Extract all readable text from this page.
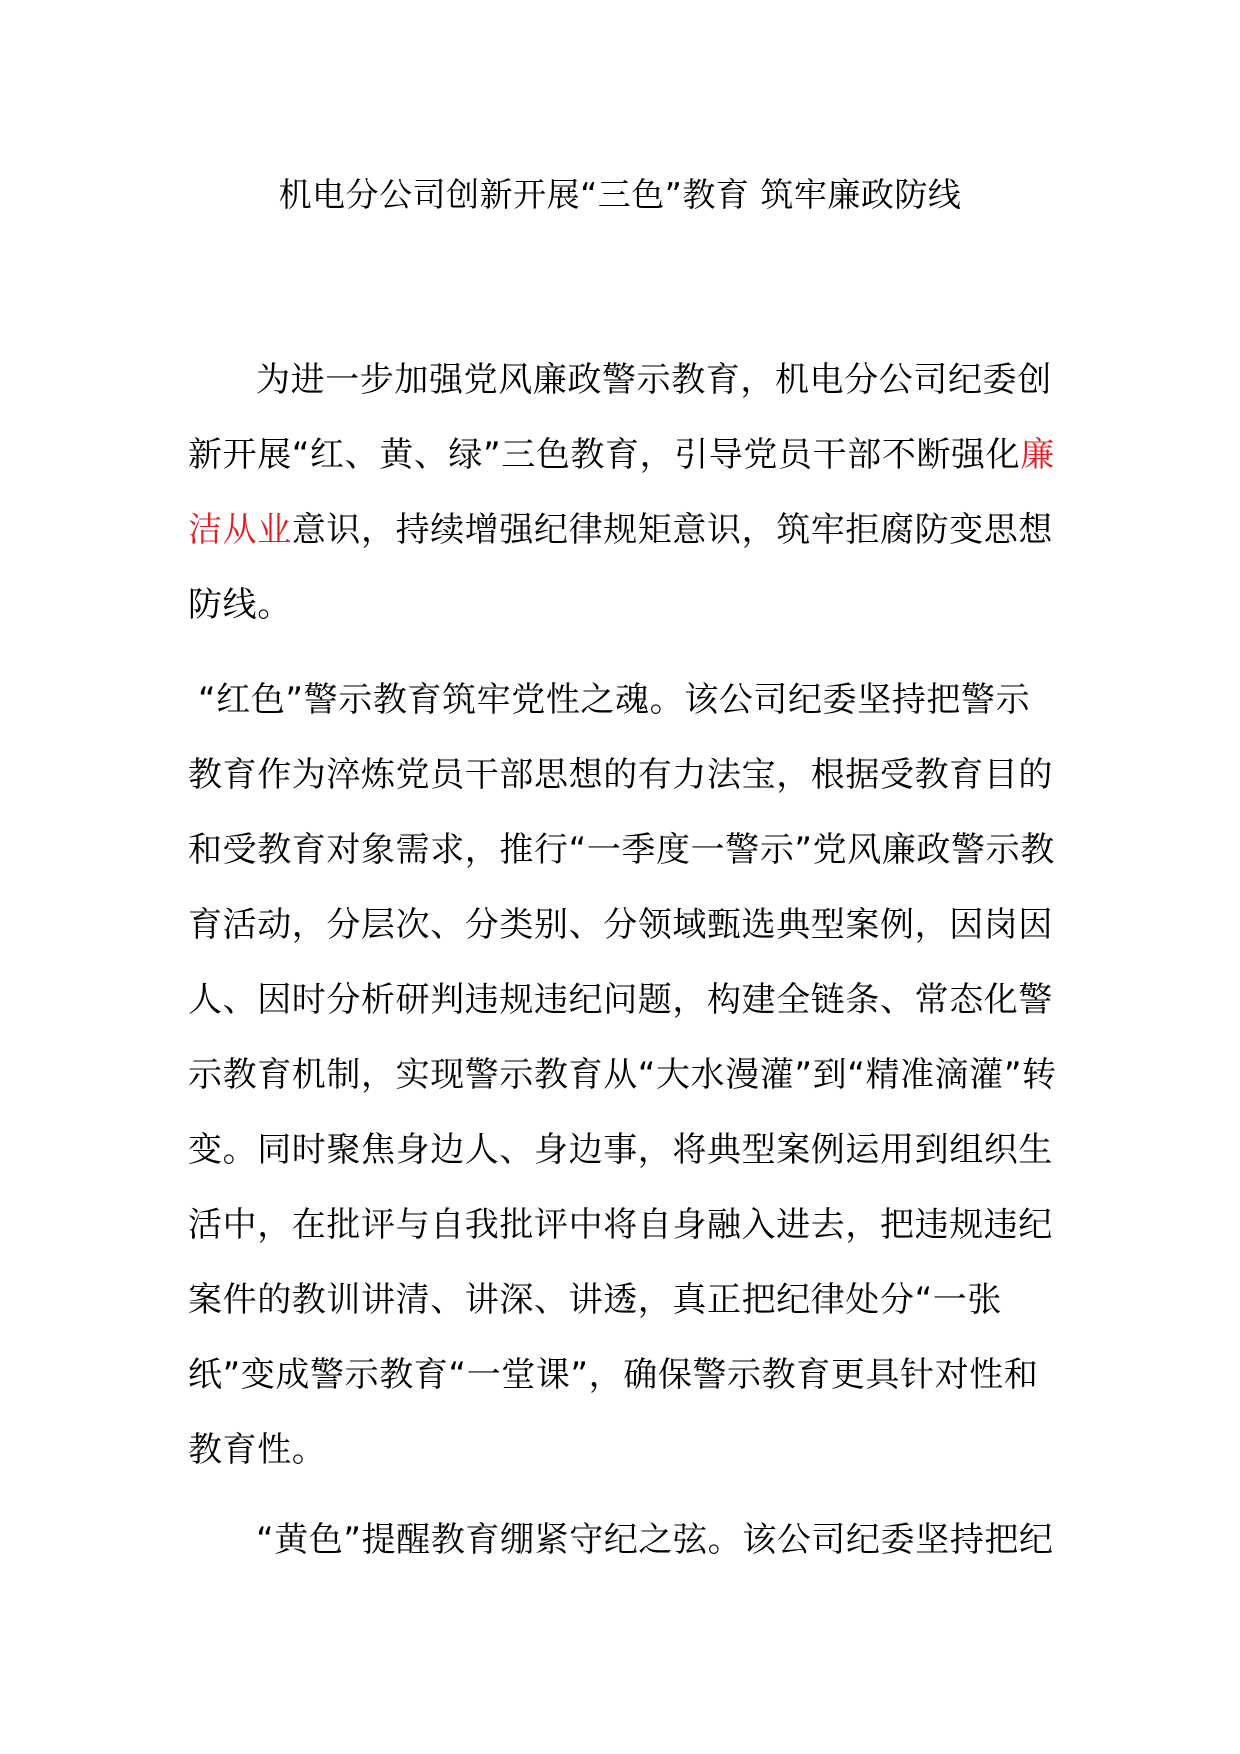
机电分公司创新开展“三色”教育 筑牢廉政防线

为进一步加强党风廉政警示教育，机电分公司纪委创新开展“红、黄、绿”三色教育，引导党员干部不断强化廉洁从业意识，持续增强纪律规矩意识，筑牢拒腐防变思想防线。

“红色”警示教育筑牢党性之魂。该公司纪委坚持把警示教育作为淬炼党员干部思想的有力法宝，根据受教育目的和受教育对象需求，推行“一季度一警示”党风廉政警示教育活动，分层次、分类别、分领域甄选典型案例，因岗因人、因时分析研判违规违纪问题，构建全链条、常态化警示教育机制，实现警示教育从“大水漫灌”到“精准滴灌”转变。同时聚焦身边人、身边事，将典型案例运用到组织生活中，在批评与自我批评中将自身融入进去，把违规违纪案件的教训讲清、讲深、讲透，真正把纪律处分“一张纸”变成警示教育“一堂课”，确保警示教育更具针对性和教育性。

“黄色”提醒教育绷紧守纪之弦。该公司纪委坚持把纪
